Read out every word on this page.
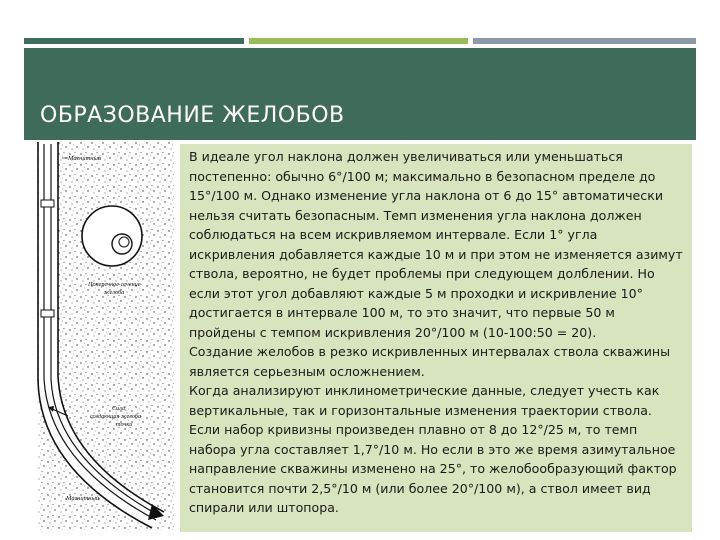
ОБРАЗОВАНИЕ ЖЕЛОБОВ
Магнитный
Поперечное сечение
желоба
Сила,
создающая желоба
точки
Магнитный

В идеале угол наклона должен увеличиваться или уменьшаться постепенно: обычно 6°/100 м; максимально в безопасном пределе до 15°/100 м. Однако изменение угла наклона от 6 до 15° автоматически нельзя считать безопасным. Темп изменения угла наклона должен соблюдаться на всем искривляемом интервале. Если 1° угла искривления добавляется каждые 10 м и при этом не изменяется азимут ствола, вероятно, не будет проблемы при следующем долблении. Но если этот угол добавляют каждые 5 м проходки и искривление 10° достигается в интервале 100 м, то это значит, что первые 50 м пройдены с темпом искривления 20°/100 м (10-100:50 = 20).

Создание желобов в резко искривленных интервалах ствола скважины является серьезным осложнением.

Когда анализируют инклинометрические данные, следует учесть как вертикальные, так и горизонтальные изменения траектории ствола. Если набор кривизны произведен плавно от 8 до 12°/25 м, то темп набора угла составляет 1,7°/10 м. Но если в это же время азимутальное направление скважины изменено на 25°, то желобообразующий фактор становится почти 2,5°/10 м (или более 20°/100 м), а ствол имеет вид спирали или штопора.
